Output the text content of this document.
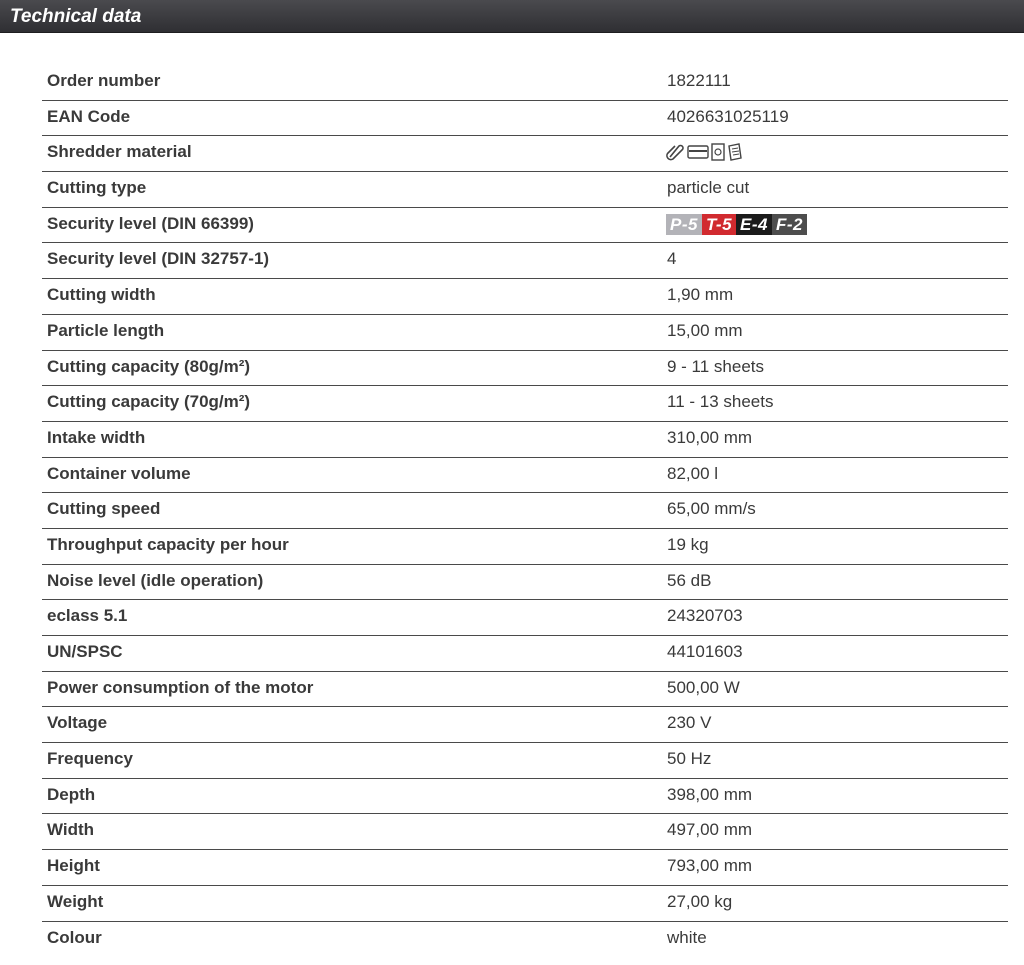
Technical data
Order number	1822111
EAN Code	4026631025119
Shredder material
Cutting type	particle cut
Security level (DIN 66399)	P-5 T-5 E-4 F-2
Security level (DIN 32757-1)	4
Cutting width	1,90 mm
Particle length	15,00 mm
Cutting capacity (80g/m²)	9 - 11 sheets
Cutting capacity (70g/m²)	11 - 13 sheets
Intake width	310,00 mm
Container volume	82,00 l
Cutting speed	65,00 mm/s
Throughput capacity per hour	19 kg
Noise level (idle operation)	56 dB
eclass 5.1	24320703
UN/SPSC	44101603
Power consumption of the motor	500,00 W
Voltage	230 V
Frequency	50 Hz
Depth	398,00 mm
Width	497,00 mm
Height	793,00 mm
Weight	27,00 kg
Colour	white
